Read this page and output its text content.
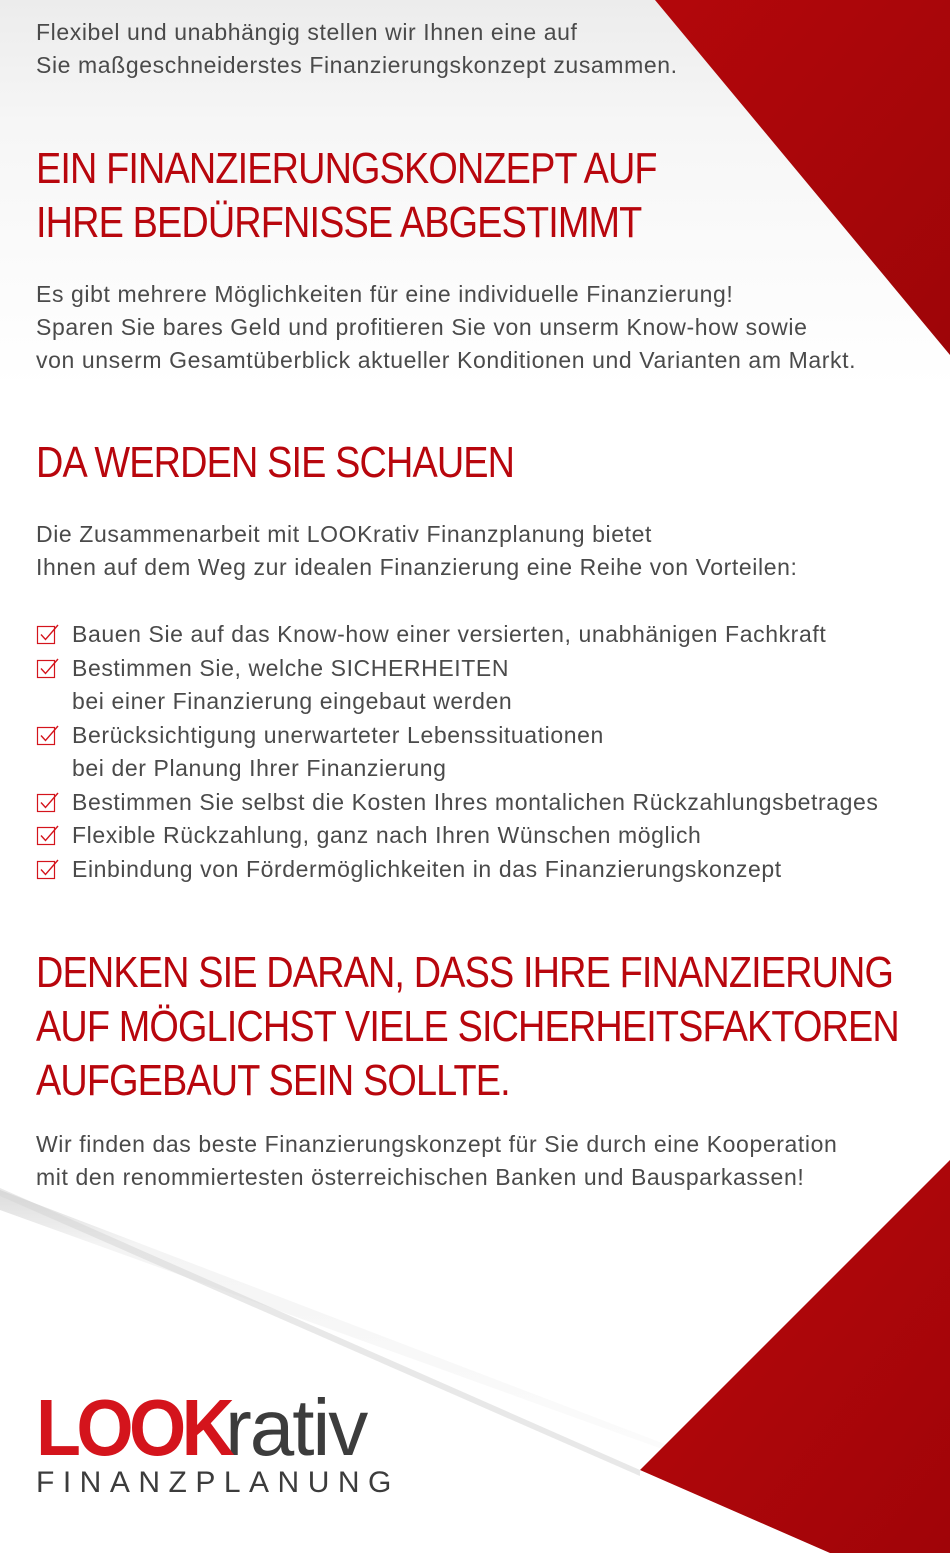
Flexibel und unabhängig stellen wir Ihnen eine auf
Sie maßgeschneiderstes Finanzierungskonzept zusammen.

EIN FINANZIERUNGSKONZEPT AUF
IHRE BEDÜRFNISSE ABGESTIMMT

Es gibt mehrere Möglichkeiten für eine individuelle Finanzierung!
Sparen Sie bares Geld und profitieren Sie von unserm Know-how sowie
von unserm Gesamtüberblick aktueller Konditionen und Varianten am Markt.

DA WERDEN SIE SCHAUEN

Die Zusammenarbeit mit LOOKrativ Finanzplanung bietet
Ihnen auf dem Weg zur idealen Finanzierung eine Reihe von Vorteilen:

Bauen Sie auf das Know-how einer versierten, unabhänigen Fachkraft
Bestimmen Sie, welche SICHERHEITEN
bei einer Finanzierung eingebaut werden
Berücksichtigung unerwarteter Lebenssituationen
bei der Planung Ihrer Finanzierung
Bestimmen Sie selbst die Kosten Ihres montalichen Rückzahlungsbetrages
Flexible Rückzahlung, ganz nach Ihren Wünschen möglich
Einbindung von Fördermöglichkeiten in das Finanzierungskonzept
DENKEN SIE DARAN, DASS IHRE FINANZIERUNG
AUF MÖGLICHST VIELE SICHERHEITSFAKTOREN
AUFGEBAUT SEIN SOLLTE.

Wir finden das beste Finanzierungskonzept für Sie durch eine Kooperation
mit den renommiertesten österreichischen Banken und Bausparkassen!

LOOKrativ
FINANZPLANUNG
